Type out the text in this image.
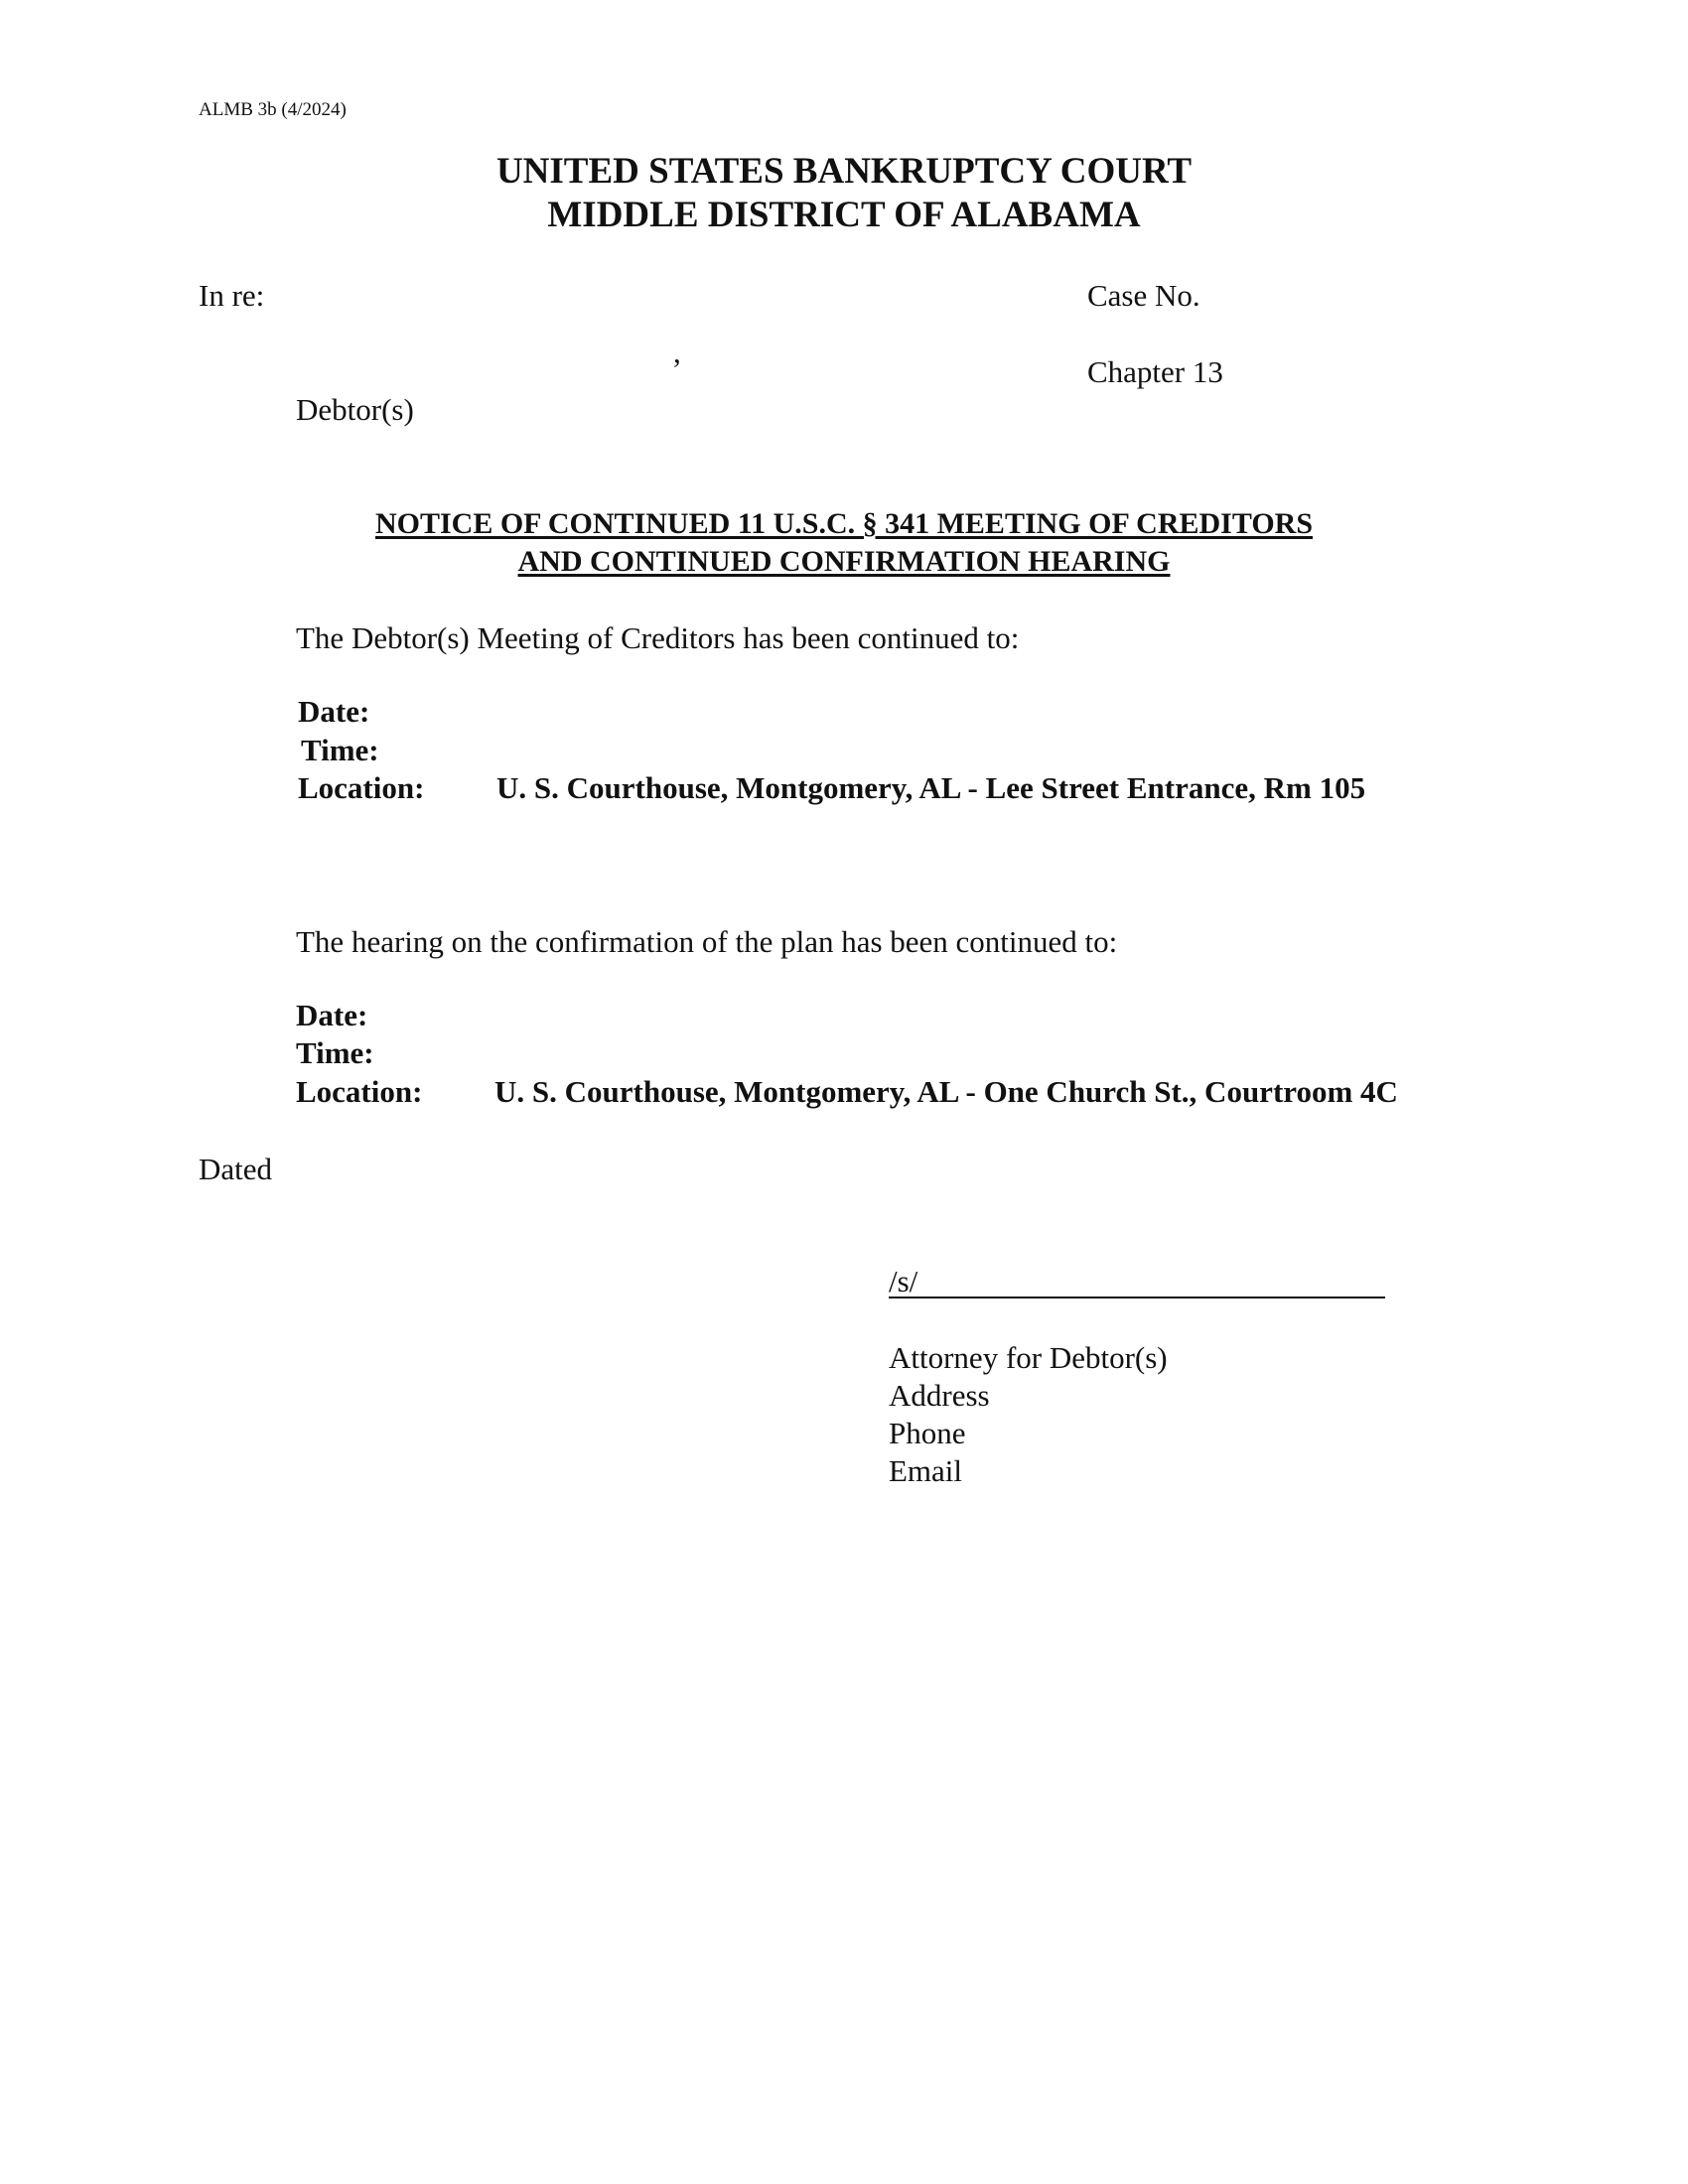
ALMB 3b (4/2024)
UNITED STATES BANKRUPTCY COURT
MIDDLE DISTRICT OF ALABAMA
In re:	Case No.
,
Chapter 13
Debtor(s)
NOTICE OF CONTINUED 11 U.S.C. § 341 MEETING OF CREDITORS
AND CONTINUED CONFIRMATION HEARING
The Debtor(s) Meeting of Creditors has been continued to:
Date:
Time:
Location: U. S. Courthouse, Montgomery, AL - Lee Street Entrance, Rm 105
The hearing on the confirmation of the plan has been continued to:
Date:
Time:
Location: U. S. Courthouse, Montgomery, AL - One Church St., Courtroom 4C
Dated
/s/
Attorney for Debtor(s)
Address
Phone
Email
